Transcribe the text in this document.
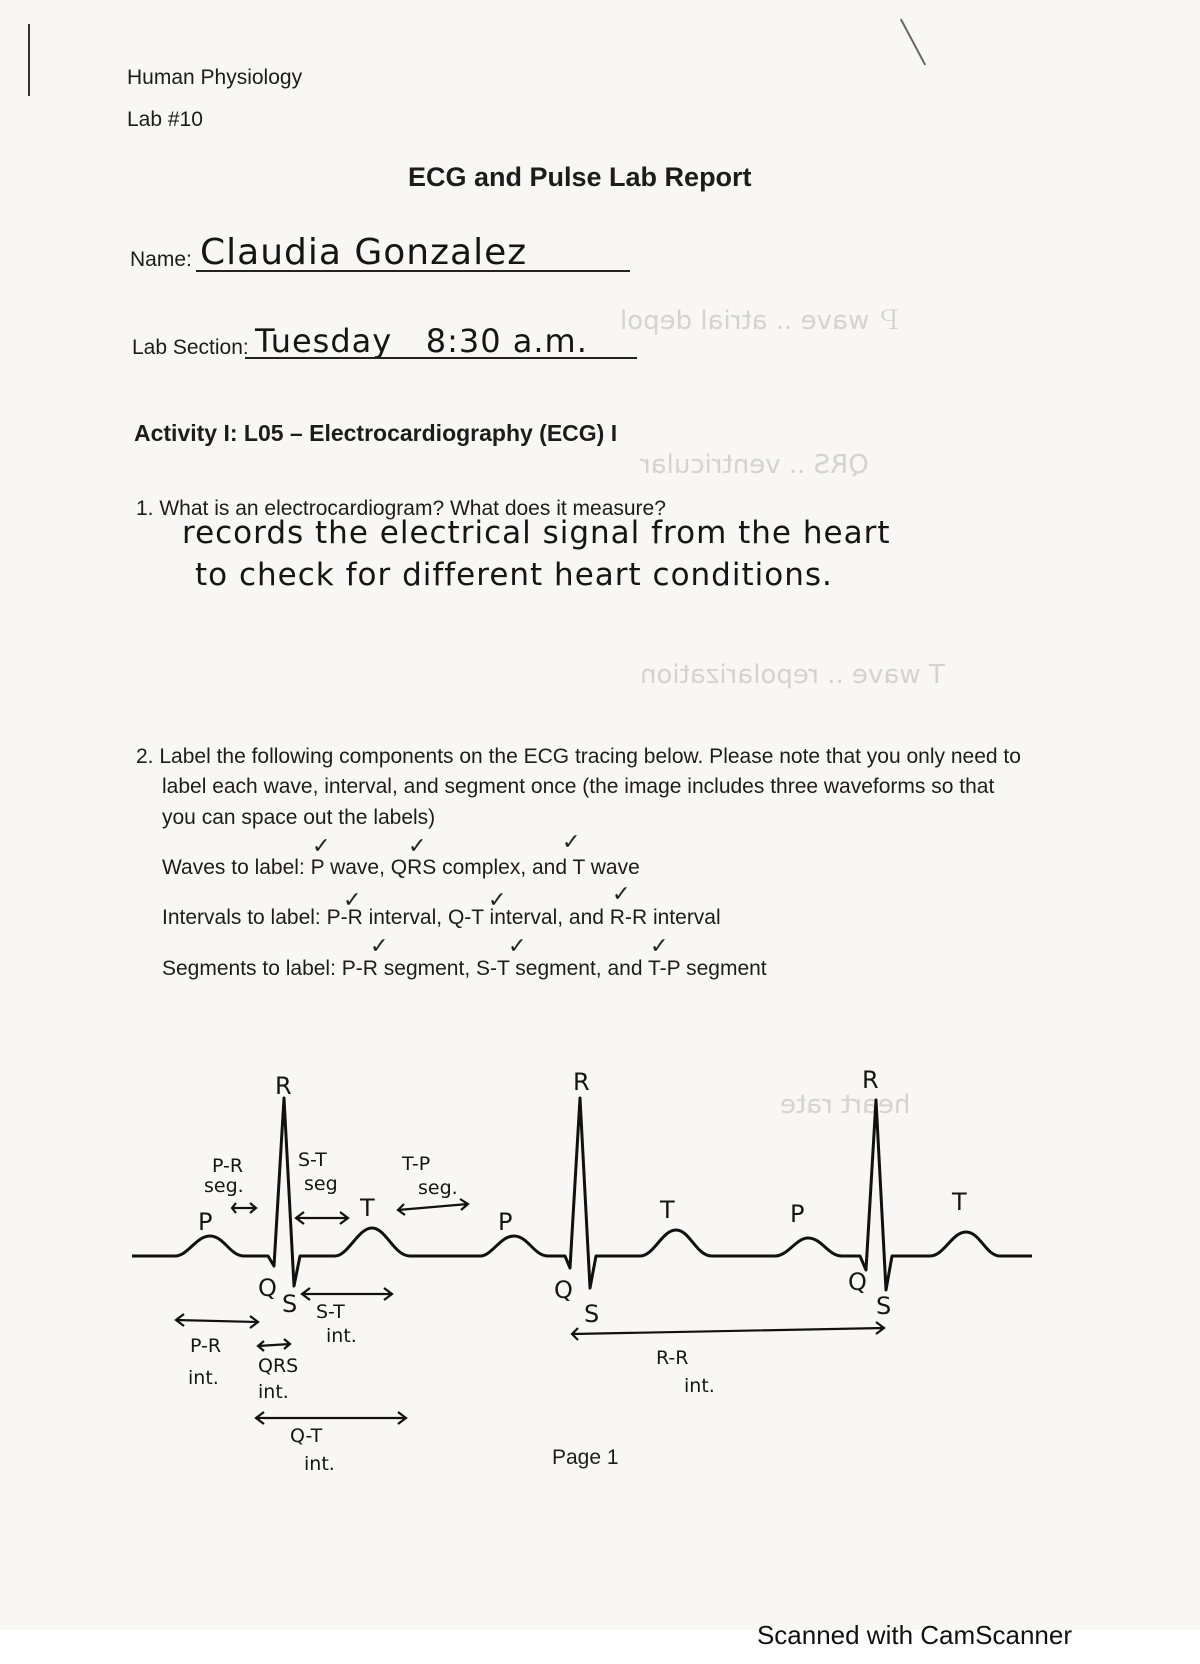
Ｐ wave .. atrial depol
QRS .. ventricular
T wave .. repolarization
heart rate
Human Physiology
Lab #10
ECG and Pulse Lab Report
Name: Claudia Gonzalez
Lab Section: Tuesday   8:30 a.m.
Activity I: L05 – Electrocardiography (ECG) I
1. What is an electrocardiogram? What does it measure?
records the electrical signal from the heart
to check for different heart conditions.
2. Label the following components on the ECG tracing below. Please note that you only need to
label each wave, interval, and segment once (the image includes three waveforms so that
you can space out the labels)
Waves to label: P wave, QRS complex, and T wave
Intervals to label: P-R interval, Q-T interval, and R-R interval
Segments to label: P-R segment, S-T segment, and T-P segment
✓	✓	✓
✓	✓	✓
✓	✓	✓
R	R	R
P	P	P
T	T	T
Q	Q	Q
S	S	S
P-R
seg.
S-T
seg
T-P
seg.
S-T
int.
P-R
int.
QRS
int.
Q-T
int.
R-R
int.
Page 1
Scanned with CamScanner
